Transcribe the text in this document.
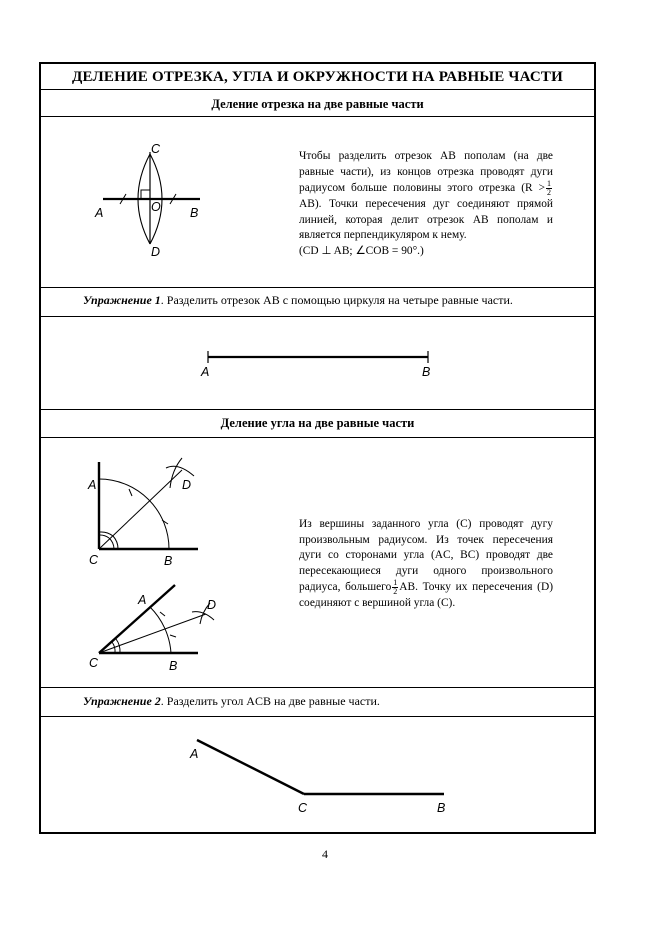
ДЕЛЕНИЕ ОТРЕЗКА, УГЛА И ОКРУЖНОСТИ НА РАВНЫЕ ЧАСТИ
Деление отрезка на две равные части

Чтобы разделить отрезок AB пополам (на две равные части), из концов отрезка проводят дуги радиусом больше половины этого отрезка ($R > \frac{1}{2}$
AB). Точки пересечения дуг соединяют прямой линией, которая делит отрезок AB пополам и является перпендикуляром к нему.

(CD ⊥ AB; ∠COB = 90°.)

Упражнение 1. Разделить отрезок AB с помощью циркуля на четыре равные части.
Деление угла на две равные части

Из вершины заданного угла (C) проводят дугу произвольным радиусом. Из точек пересечения дуги со сторонами угла (AC, BC) проводят две пересекающиеся дуги одного произвольного радиуса, большего $\frac{1}{2}$ AB. Точку их пересечения (D) соединяют с вершиной угла (C).

Упражнение 2. Разделить угол ACB на две равные части.
A	B
C
D
O
A	B
A
B
C
D
A
B
C
D
A
B
C
4
